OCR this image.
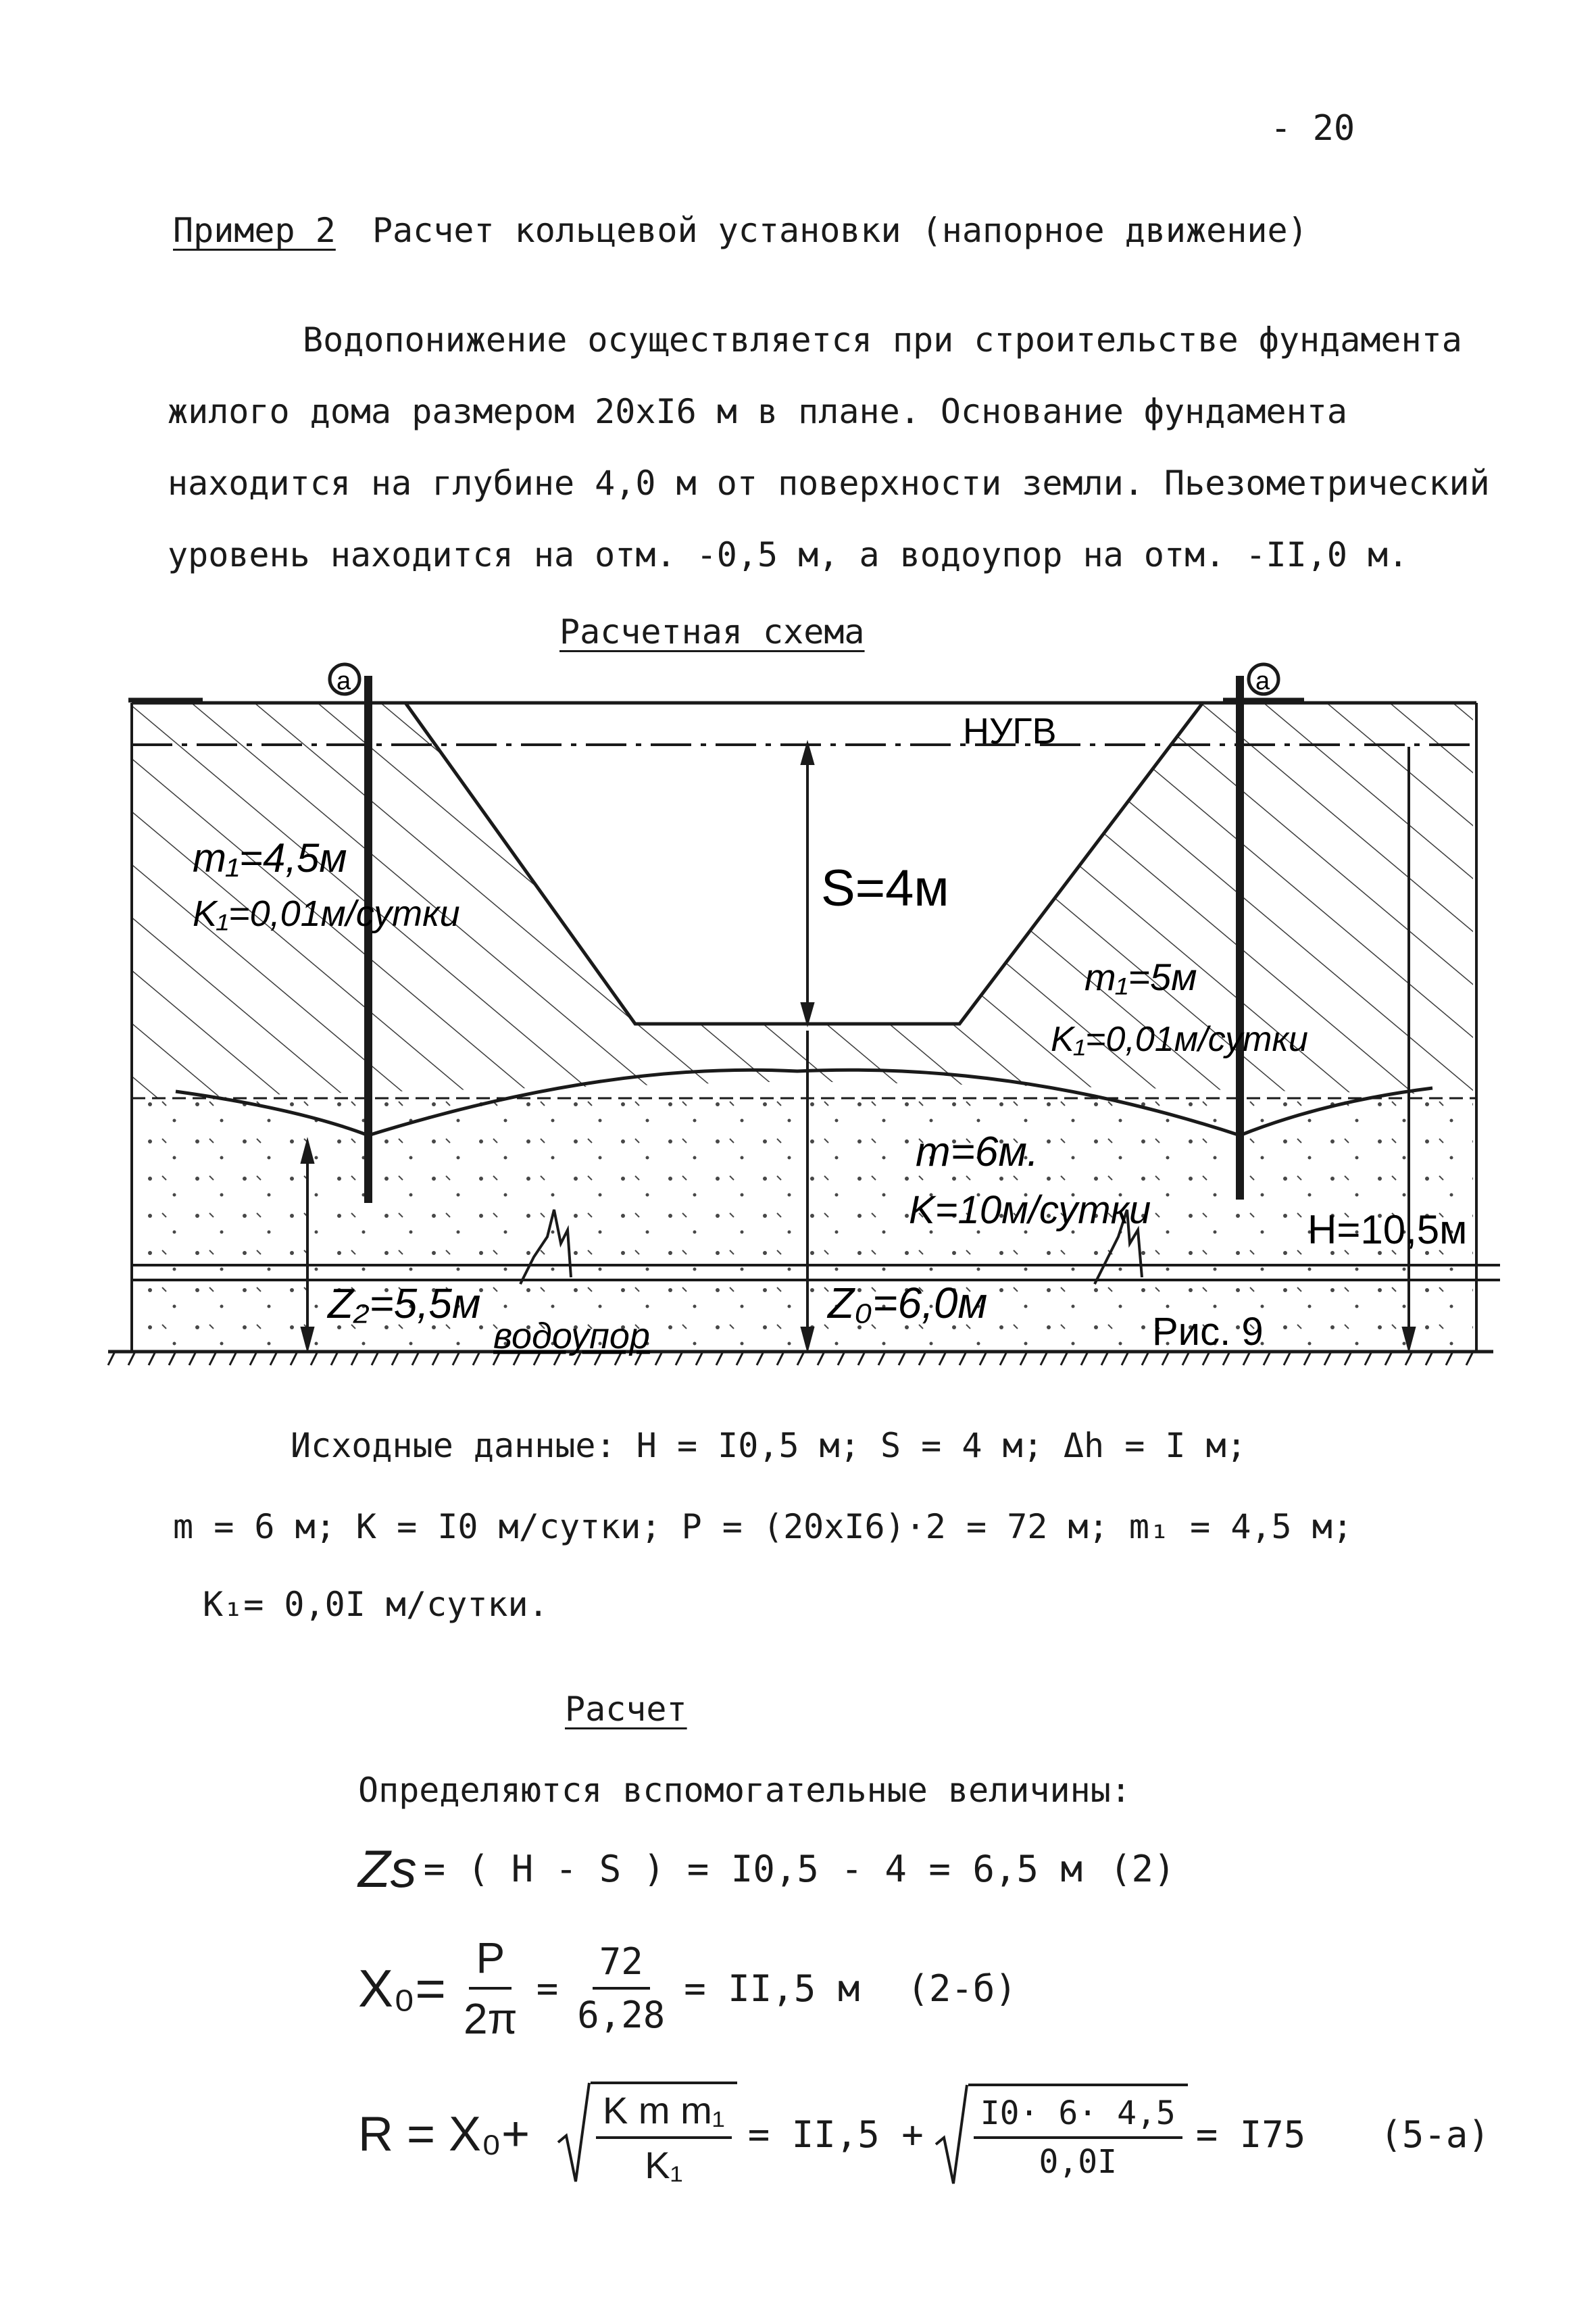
- 20
Пример 2 Расчет кольцевой установки (напорное движение)
Водопонижение осуществляется при строительстве фундамента жилого дома размером 20хI6 м в плане. Основание фундамента находится на глубине 4,0 м от поверхности земли. Пьезометрический уровень находится на отм. -0,5 м, а водоупор на отм. -II,0 м.
Расчетная схема
a	a
НУГВ
S=4м
m₁=4,5м
K₁=0,01м/сутки
m₁=5м
K₁=0,01м/сутки
m=6м.
K=10м/сутки	H=10,5м
Z₂=5,5м	Z₀=6,0м
водоупор	Рис. 9
Исходные данные: H = I0,5 м; S = 4 м; Δh = I м;
m = 6 м; K = I0 м/сутки; P = (20хI6)·2 = 72 м; m₁ = 4,5 м;
K₁= 0,0I м/сутки.
Расчет
Определяются вспомогательные величины:
Zs = ( H - S ) = I0,5 - 4 = 6,5 м (2)
$X_0= \frac{P}{2\pi} = \frac{72}{6,28} = II,5$ м (2-б)
$R = X_0+ \frac{\text{K m m₁}}{\text{K₁}} = II,5 + \frac{I0\cdot 6\cdot 4,5}{0,0I} = I75$ (5-а)
